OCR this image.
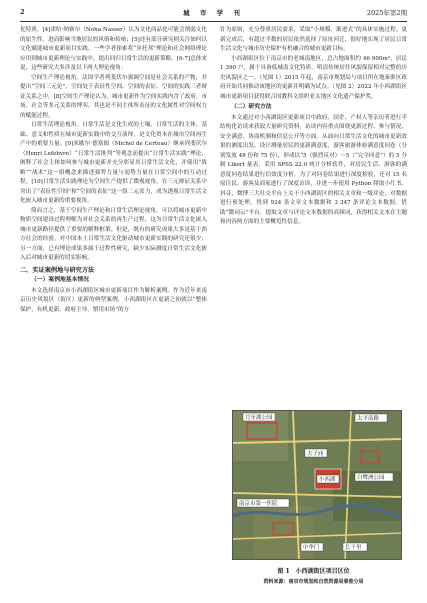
2	城 市 学 刊	2025年第2期

化特质。[4]诺哈·纳赛尔（Noha Nasser）认为文化商品化可能会削弱文化的原生性，进而影响当地居民的风俗和传统；[5]还有部分研究则关注如何以文化赋能城市更新项目实践，一些学者探索将“异托邦”理论和社会网络理论应用到城市更新理论与实践中，提出回归日常生活的更新策略。[6-7]总体来说，这些研究大多涉及以下两大理论视角：

空间生产理论视角。法国学者列斐伏尔强调空间是社会关系的产物，并提出“空间三元论”，空间处于表征性空间、空间的表征、空间的实践三者辩证关系之中。[8]空间生产理论认为，城市更新作为空间实践内含了政府、市场、社会等多元关系的博弈，其也是不同主体所表征的文化属性对空间权力的赋能过程。

日常生活理论视角。日常生活是文化生成的土壤，日常生活的主体、基础、意义和性质在城市更新实践中的交互演绎，是文化资本在城市空间再生产中的重要力量。[9]米歇尔·德塞图（Michel de Certeau）继承列斐伏尔（Henri Lefebvre）“日常生活批判”等观念而提出“日常生活实践”理论，阐释了社会主体如何参与城市更新并充分彰显其日常生活文化，并使用“战略”“战术”这一组概念来描述强势力量与弱势力量在日常空间中的互动过程。[10]日常生活实践理论为空间生产提供了微观视角，在三元辩证关系中突出了“表征性空间”和“空间的表征”这一组二元张力，成为透视日常生活文化嵌入城市更新的重要视角。

简而言之，基于空间生产理论和日常生活理论视角，可以将城市更新中物质空间建设过程理解为对社会关系的再生产过程，这为日常生活文化嵌入城市更新路径提供了重要的解释框架。但是，既有的研究成果大多是基于西方社会的经验，对中国本土日常生活文化驱动城市更新实践的研究还很少；另一方面，已有理论成果多属于过程性研究，缺少实际测度日常生活文化嵌入后对城市更新的切实影响。

二、实证案例地与研究方法
（一）案例地基本情况

本文选择南京市小西湖街区城市更新项目作为解析案例。作为近年来南京历史风貌区（街区）更新的典型案例，小西湖街区在更新之初就以“整体保护、有机更新、政府主导、慎用市场”的方

针为原则，充分尊重居民需求，采取“小规模、渐进式”的具体实施过程。更新完成后，有超过半数的居民依然选择了原址回迁，很好地实现了居民日常生活文化与城市历史保护有机融合的城市更新目标。

小西湖街区位于南京市的老城南地区，总占地面积约 46 900m²，居民 1 390 户，属于具备低城南文化特质、明清传统居住风貌保留相对完整的历史风貌区之一。（见图 1）2015 年起，南京市规划局与项目所在地秦淮区政府开始共同推动该地区的更新并明确为试点。（见图 2）2022 年小西湖街区城市更新项目获得联合国教科文组织亚太地区文化遗产保护奖。

（二）研究方法

本文通过对小西湖街区更新项目中政府、国企、产权人等亲历者进行半结构化访谈来获取大量研究资料，访谈内容重点围绕更新过程、参与情况、安全满意、协商机制和信息公开等方面。从面向日常生活文化的城市更新效果的测度出发，设计测量居民的更新满意度，游客旅游体验满意度问卷（分别发放 48 份和 75 份），形成以“5（强烈反对）～5（“完全同意”）的 5 分制 Likert 量表，采用 SPSS 22.0 统计分析软件，对居民生活、游客的满意度问卷结果进行信效度分析。为了对问卷结果进行深度检验，还对 15 名原住民、游客及商家进行了深度访谈，并进一步使用 Python 爬取小红书、抖音、微博三大社交平台上关于小西湖街区的相关文章和一级评论，对数据进行预处理，得到 924 条文章文本数据和 3 347 条评论文本数据。借助“微词云”平台，提取文章与评论文本数据的高频词，获得相关文本在主题和内容两方面的主要概览性信息。

月牙湖公园	太平南路
夫子庙
小西湖	白鹭洲公园
南京市第一医院
中华门	长干里
图 1　小西湖街区项目区位
资料来源：南京市规划和自然资源局秦淮分局
